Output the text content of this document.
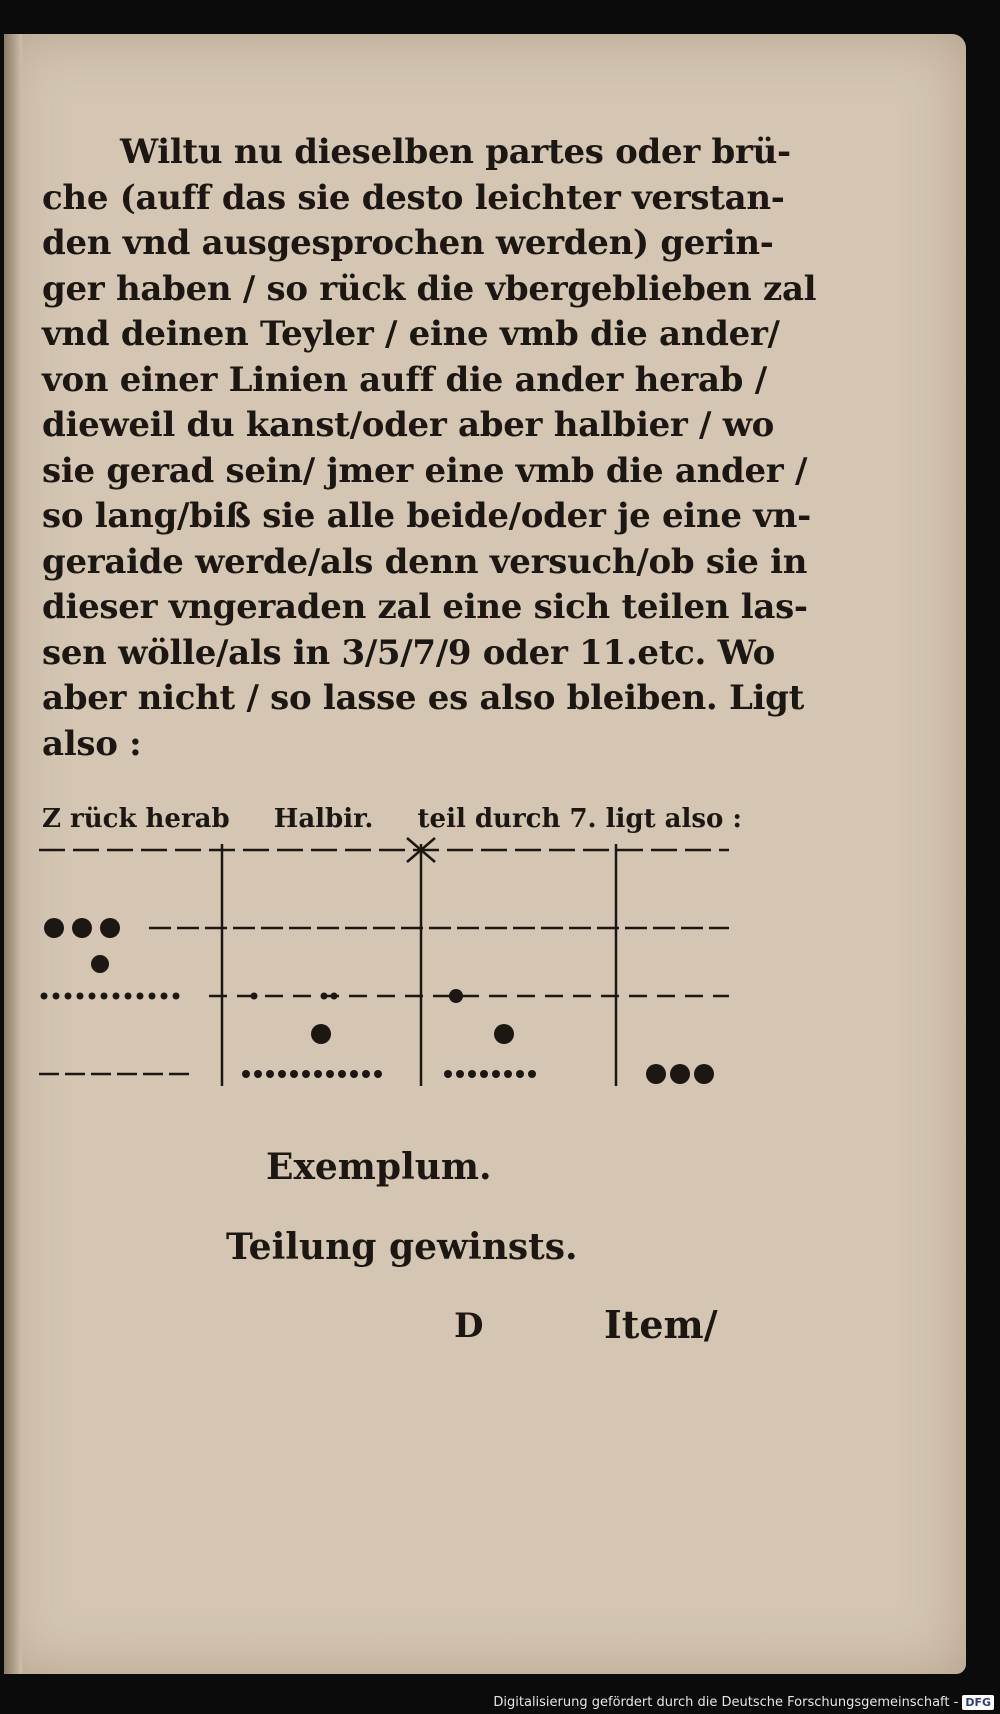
Wiltu nu dieselben partes oder brü-
che (auff das sie desto leichter verstan-
den vnd ausgesprochen werden) gerin-
ger haben / so rück die vbergeblieben zal
vnd deinen Teyler / eine vmb die ander/
von einer Linien auff die ander herab /
dieweil du kanst/oder aber halbier / wo
sie gerad sein/ jmer eine vmb die ander /
so lang/biß sie alle beide/oder je eine vn-
geraide werde/als denn versuch/ob sie in
dieser vngeraden zal eine sich teilen las-
sen wölle/als in 3/5/7/9 oder 11.etc. Wo
aber nicht / so lasse es also bleiben. Ligt
also :
Z rück herab Halbir. teil durch 7. ligt also :
Exemplum.
Teilung gewinsts.
D	Item/
Digitalisierung gefördert durch die Deutsche Forschungsgemeinschaft - DFG
